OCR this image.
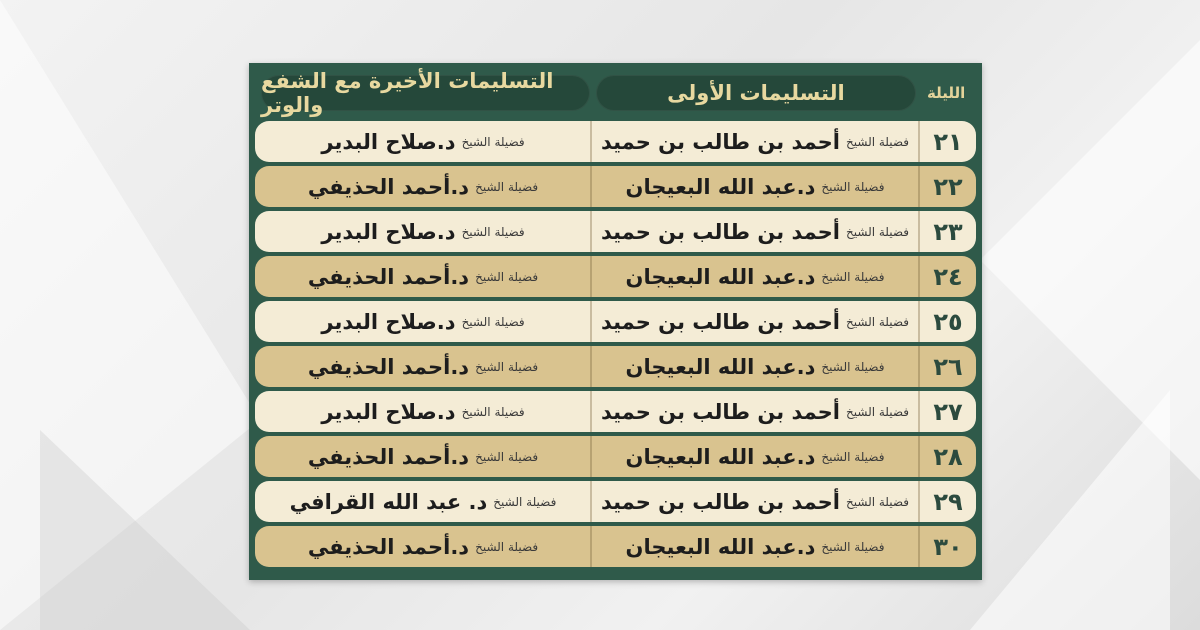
الليلة
التسليمات الأولى
التسليمات الأخيرة مع الشفع والوتر
٢١
فضيلة الشيخ
أحمد بن طالب بن حميد
فضيلة الشيخ
د.صلاح البدير
٢٢
فضيلة الشيخ
د.عبد الله البعيجان
فضيلة الشيخ
د.أحمد الحذيفي
٢٣
فضيلة الشيخ
أحمد بن طالب بن حميد
فضيلة الشيخ
د.صلاح البدير
٢٤
فضيلة الشيخ
د.عبد الله البعيجان
فضيلة الشيخ
د.أحمد الحذيفي
٢٥
فضيلة الشيخ
أحمد بن طالب بن حميد
فضيلة الشيخ
د.صلاح البدير
٢٦
فضيلة الشيخ
د.عبد الله البعيجان
فضيلة الشيخ
د.أحمد الحذيفي
٢٧
فضيلة الشيخ
أحمد بن طالب بن حميد
فضيلة الشيخ
د.صلاح البدير
٢٨
فضيلة الشيخ
د.عبد الله البعيجان
فضيلة الشيخ
د.أحمد الحذيفي
٢٩
فضيلة الشيخ
أحمد بن طالب بن حميد
فضيلة الشيخ
د. عبد الله القرافي
٣٠
فضيلة الشيخ
د.عبد الله البعيجان
فضيلة الشيخ
د.أحمد الحذيفي
